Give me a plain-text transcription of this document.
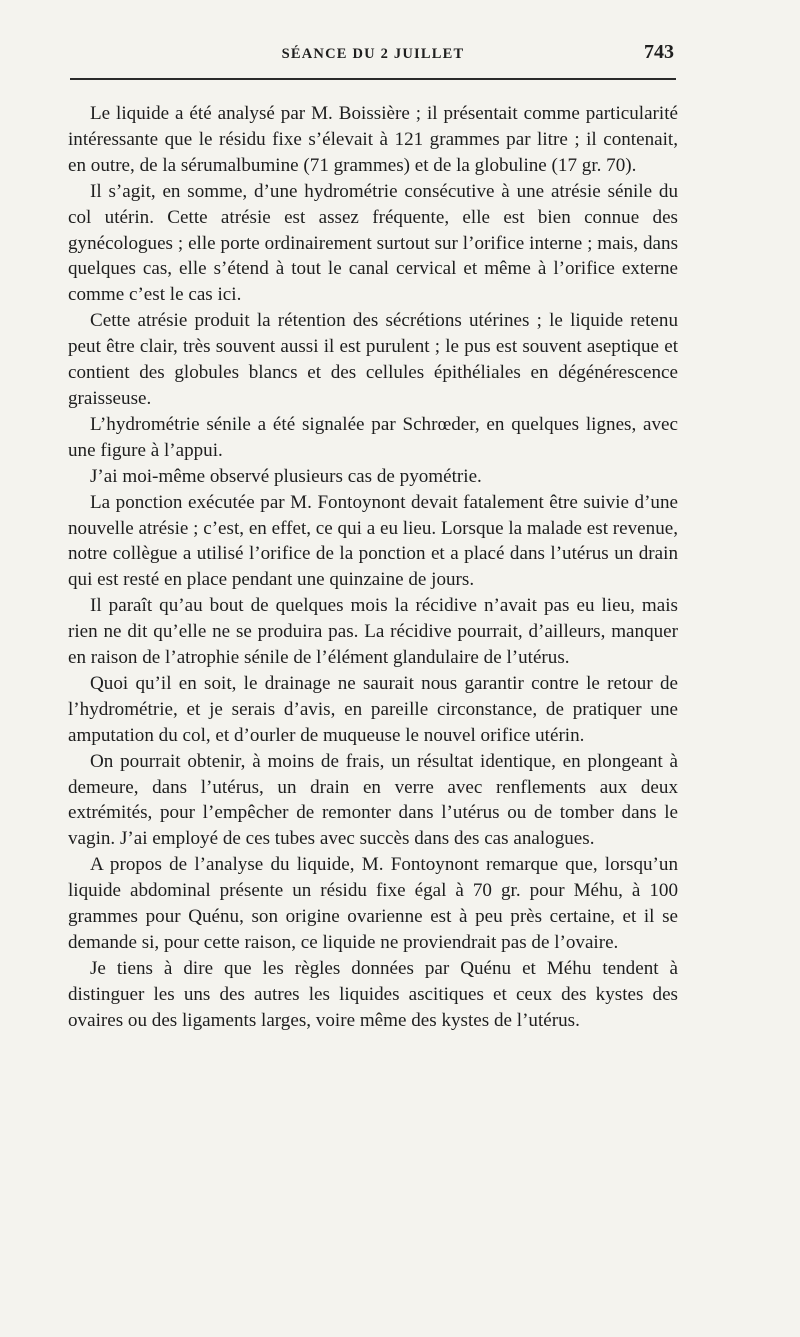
SÉANCE DU 2 JUILLET	743

Le liquide a été analysé par M. Boissière ; il présentait comme particularité intéressante que le résidu fixe s’élevait à 121 grammes par litre ; il contenait, en outre, de la sérumalbumine (71 grammes) et de la globuline (17 gr. 70).

Il s’agit, en somme, d’une hydrométrie consécutive à une atrésie sénile du col utérin. Cette atrésie est assez fréquente, elle est bien connue des gynécologues ; elle porte ordinairement surtout sur l’orifice interne ; mais, dans quelques cas, elle s’étend à tout le canal cervical et même à l’orifice externe comme c’est le cas ici.

Cette atrésie produit la rétention des sécrétions utérines ; le liquide retenu peut être clair, très souvent aussi il est purulent ; le pus est souvent aseptique et contient des globules blancs et des cellules épithéliales en dégénérescence graisseuse.

L’hydrométrie sénile a été signalée par Schrœder, en quelques lignes, avec une figure à l’appui.

J’ai moi-même observé plusieurs cas de pyométrie.

La ponction exécutée par M. Fontoynont devait fatalement être suivie d’une nouvelle atrésie ; c’est, en effet, ce qui a eu lieu. Lorsque la malade est revenue, notre collègue a utilisé l’orifice de la ponction et a placé dans l’utérus un drain qui est resté en place pendant une quinzaine de jours.

Il paraît qu’au bout de quelques mois la récidive n’avait pas eu lieu, mais rien ne dit qu’elle ne se produira pas. La récidive pourrait, d’ailleurs, manquer en raison de l’atrophie sénile de l’élément glandulaire de l’utérus.

Quoi qu’il en soit, le drainage ne saurait nous garantir contre le retour de l’hydrométrie, et je serais d’avis, en pareille circonstance, de pratiquer une amputation du col, et d’ourler de muqueuse le nouvel orifice utérin.

On pourrait obtenir, à moins de frais, un résultat identique, en plongeant à demeure, dans l’utérus, un drain en verre avec renflements aux deux extrémités, pour l’empêcher de remonter dans l’utérus ou de tomber dans le vagin. J’ai employé de ces tubes avec succès dans des cas analogues.

A propos de l’analyse du liquide, M. Fontoynont remarque que, lorsqu’un liquide abdominal présente un résidu fixe égal à 70 gr. pour Méhu, à 100 grammes pour Quénu, son origine ovarienne est à peu près certaine, et il se demande si, pour cette raison, ce liquide ne proviendrait pas de l’ovaire.

Je tiens à dire que les règles données par Quénu et Méhu tendent à distinguer les uns des autres les liquides ascitiques et ceux des kystes des ovaires ou des ligaments larges, voire même des kystes de l’utérus.
